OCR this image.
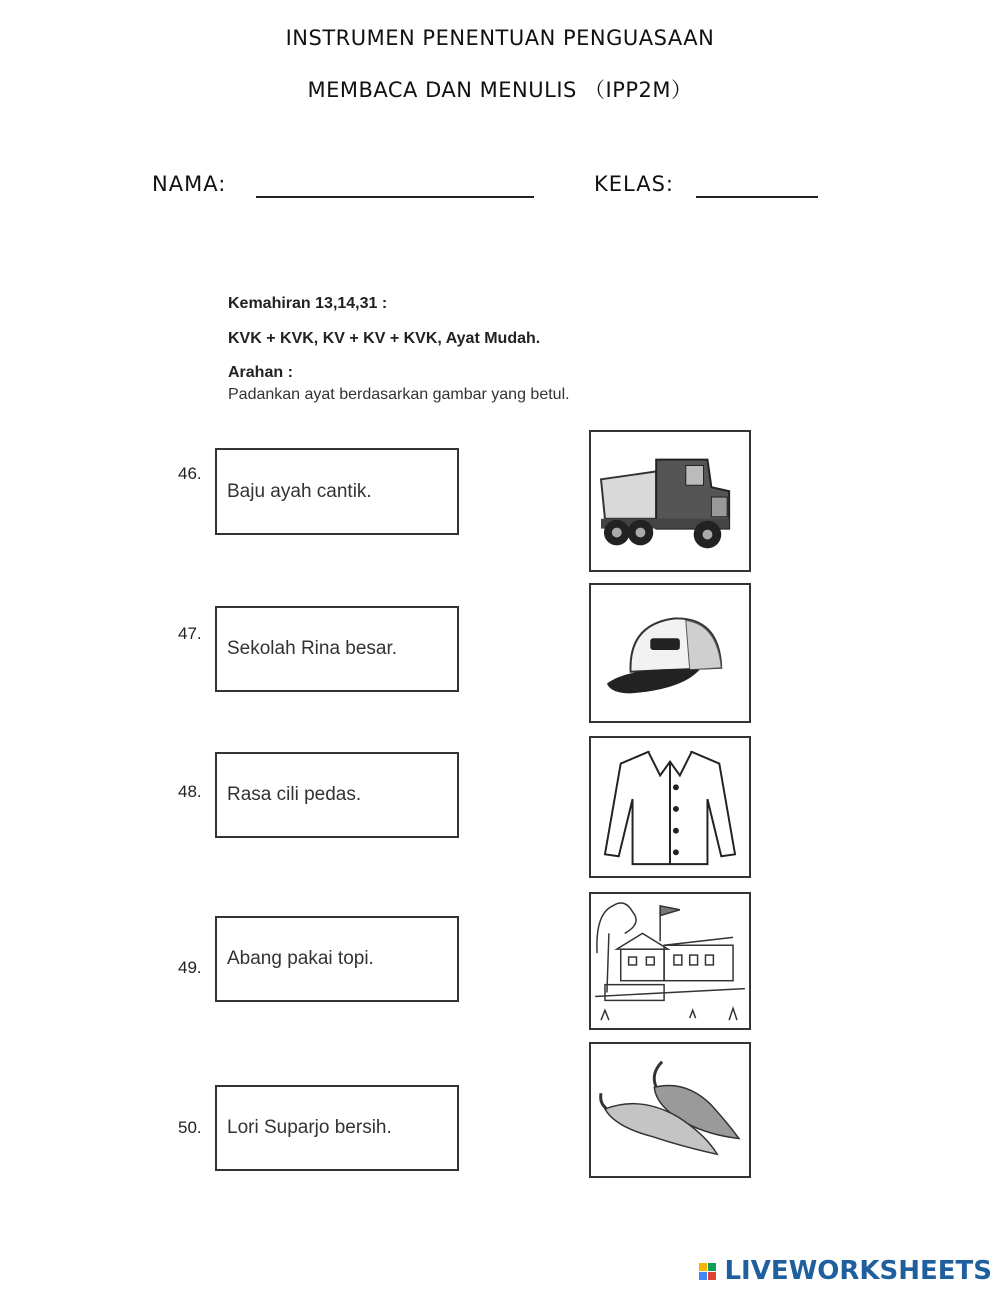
INSTRUMEN PENENTUAN PENGUASAAN
MEMBACA DAN MENULIS （IPP2M）
NAMA:	KELAS:
Kemahiran 13,14,31 :
KVK + KVK, KV + KV + KVK, Ayat Mudah.
Arahan :
Padankan ayat berdasarkan gambar yang betul.
46.
47.
48.
49.
50.
Baju ayah cantik.
Sekolah Rina besar.
Rasa cili pedas.
Abang pakai topi.
Lori Suparjo bersih.
LIVEWORKSHEETS
